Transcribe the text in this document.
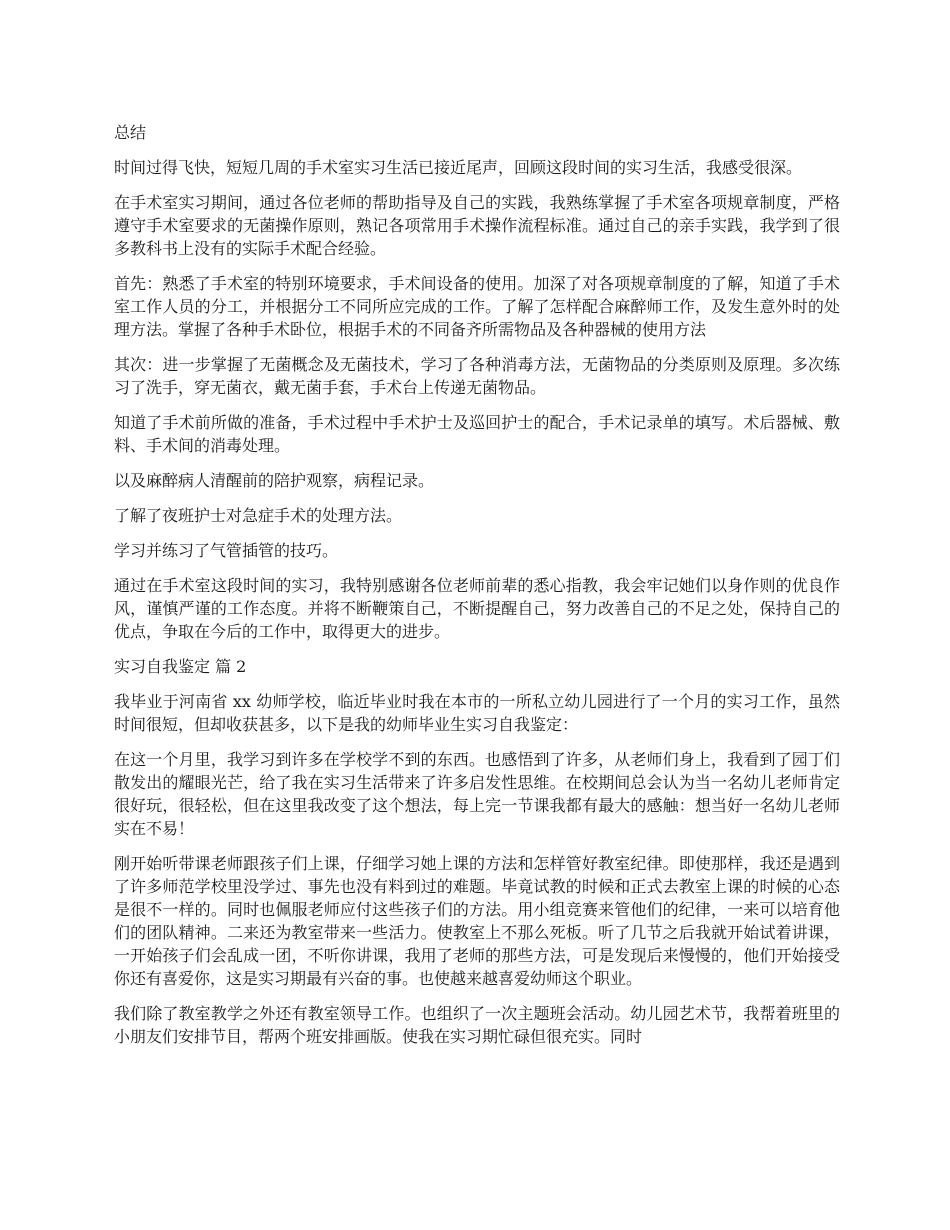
总结

时间过得飞快，短短几周的手术室实习生活已接近尾声，回顾这段时间的实习生活，我感受很深。

在手术室实习期间，通过各位老师的帮助指导及自己的实践，我熟练掌握了手术室各项规章制度，严格遵守手术室要求的无菌操作原则，熟记各项常用手术操作流程标准。通过自己的亲手实践，我学到了很多教科书上没有的实际手术配合经验。

首先：熟悉了手术室的特别环境要求，手术间设备的使用。加深了对各项规章制度的了解，知道了手术室工作人员的分工，并根据分工不同所应完成的工作。了解了怎样配合麻醉师工作，及发生意外时的处理方法。掌握了各种手术卧位，根据手术的不同备齐所需物品及各种器械的使用方法

其次：进一步掌握了无菌概念及无菌技术，学习了各种消毒方法，无菌物品的分类原则及原理。多次练习了洗手，穿无菌衣，戴无菌手套，手术台上传递无菌物品。

知道了手术前所做的准备，手术过程中手术护士及巡回护士的配合，手术记录单的填写。术后器械、敷料、手术间的消毒处理。

以及麻醉病人清醒前的陪护观察，病程记录。

了解了夜班护士对急症手术的处理方法。

学习并练习了气管插管的技巧。

通过在手术室这段时间的实习，我特别感谢各位老师前辈的悉心指教，我会牢记她们以身作则的优良作风，谨慎严谨的工作态度。并将不断鞭策自己，不断提醒自己，努力改善自己的不足之处，保持自己的优点，争取在今后的工作中，取得更大的进步。

实习自我鉴定 篇 2

我毕业于河南省 xx 幼师学校，临近毕业时我在本市的一所私立幼儿园进行了一个月的实习工作，虽然时间很短，但却收获甚多，以下是我的幼师毕业生实习自我鉴定：

在这一个月里，我学习到许多在学校学不到的东西。也感悟到了许多，从老师们身上，我看到了园丁们散发出的耀眼光芒，给了我在实习生活带来了许多启发性思维。在校期间总会认为当一名幼儿老师肯定很好玩，很轻松，但在这里我改变了这个想法，每上完一节课我都有最大的感触：想当好一名幼儿老师实在不易！

刚开始听带课老师跟孩子们上课，仔细学习她上课的方法和怎样管好教室纪律。即使那样，我还是遇到了许多师范学校里没学过、事先也没有料到过的难题。毕竟试教的时候和正式去教室上课的时候的心态是很不一样的。同时也佩服老师应付这些孩子们的方法。用小组竞赛来管他们的纪律，一来可以培育他们的团队精神。二来还为教室带来一些活力。使教室上不那么死板。听了几节之后我就开始试着讲课，一开始孩子们会乱成一团，不听你讲课，我用了老师的那些方法，可是发现后来慢慢的，他们开始接受你还有喜爱你，这是实习期最有兴奋的事。也使越来越喜爱幼师这个职业。

我们除了教室教学之外还有教室领导工作。也组织了一次主题班会活动。幼儿园艺术节，我帮着班里的小朋友们安排节目，帮两个班安排画版。使我在实习期忙碌但很充实。同时
